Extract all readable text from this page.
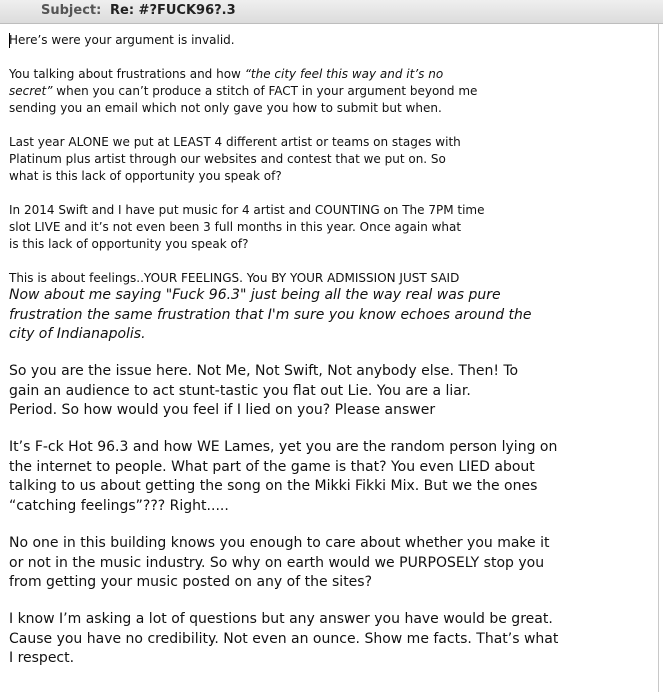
Subject: Re: #?FUCK96?.3

Here’s were your argument is invalid.

You talking about frustrations and how “the city feel this way and it’s no

secret” when you can’t produce a stitch of FACT in your argument beyond me

sending you an email which not only gave you how to submit but when.

Last year ALONE we put at LEAST 4 different artist or teams on stages with

Platinum plus artist through our websites and contest that we put on. So

what is this lack of opportunity you speak of?

In 2014 Swift and I have put music for 4 artist and COUNTING on The 7PM time

slot LIVE and it’s not even been 3 full months in this year. Once again what

is this lack of opportunity you speak of?

This is about feelings..YOUR FEELINGS. You BY YOUR ADMISSION JUST SAID

Now about me saying "Fuck 96.3" just being all the way real was pure

frustration the same frustration that I'm sure you know echoes around the

city of Indianapolis.

So you are the issue here. Not Me, Not Swift, Not anybody else. Then! To

gain an audience to act stunt-tastic you flat out Lie. You are a liar.

Period. So how would you feel if I lied on you? Please answer

It’s F-ck Hot 96.3 and how WE Lames, yet you are the random person lying on

the internet to people. What part of the game is that? You even LIED about

talking to us about getting the song on the Mikki Fikki Mix. But we the ones

“catching feelings”??? Right.....

No one in this building knows you enough to care about whether you make it

or not in the music industry. So why on earth would we PURPOSELY stop you

from getting your music posted on any of the sites?

I know I’m asking a lot of questions but any answer you have would be great.

Cause you have no credibility. Not even an ounce. Show me facts. That’s what

I respect.
